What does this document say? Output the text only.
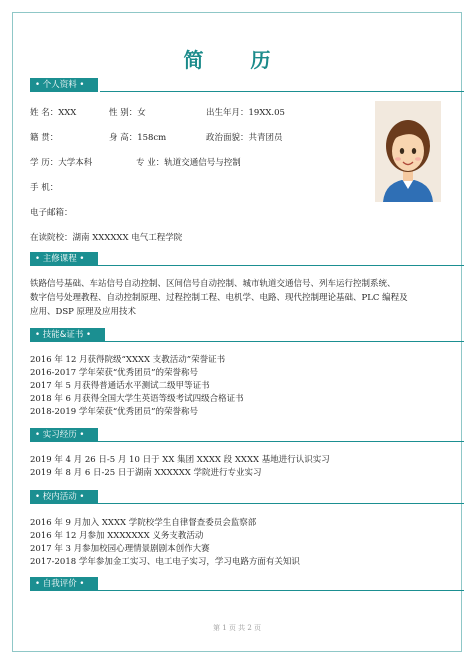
简 历
• 个人资料 •
姓 名：XXX	性 别：女	出生年月：19XX.05
籍 贯：	身 高：158cm	政治面貌：共青团员
学 历：大学本科	专 业：轨道交通信号与控制
手 机：
电子邮箱：
在读院校：湖南 XXXXXX 电气工程学院
• 主修课程 •
铁路信号基础、车站信号自动控制、区间信号自动控制、城市轨道交通信号、列车运行控制系统、
数字信号处理教程、自动控制原理、过程控制工程、电机学、电路、现代控制理论基础、PLC 编程及
应用、DSP 原理及应用技术
• 技能&证书 •
2016 年 12 月获得院级“XXXX 支教活动”荣誉证书
2016-2017 学年荣获“优秀团员”的荣誉称号
2017 年 5 月获得普通话水平测试二级甲等证书
2018 年 6 月获得全国大学生英语等级考试四级合格证书
2018-2019 学年荣获“优秀团员”的荣誉称号
• 实习经历 •
2019 年 4 月 26 日-5 月 10 日于 XX 集团 XXXX 段 XXXX 基地进行认识实习
2019 年 8 月 6 日-25 日于湖南 XXXXXX 学院进行专业实习
• 校内活动 •
2016 年 9 月加入 XXXX 学院校学生自律督查委员会监察部
2016 年 12 月参加 XXXXXXX 义务支教活动
2017 年 3 月参加校园心理情景剧剧本创作大赛
2017-2018 学年参加金工实习、电工电子实习，学习电路方面有关知识
• 自我评价 •
第 1 页 共 2 页
